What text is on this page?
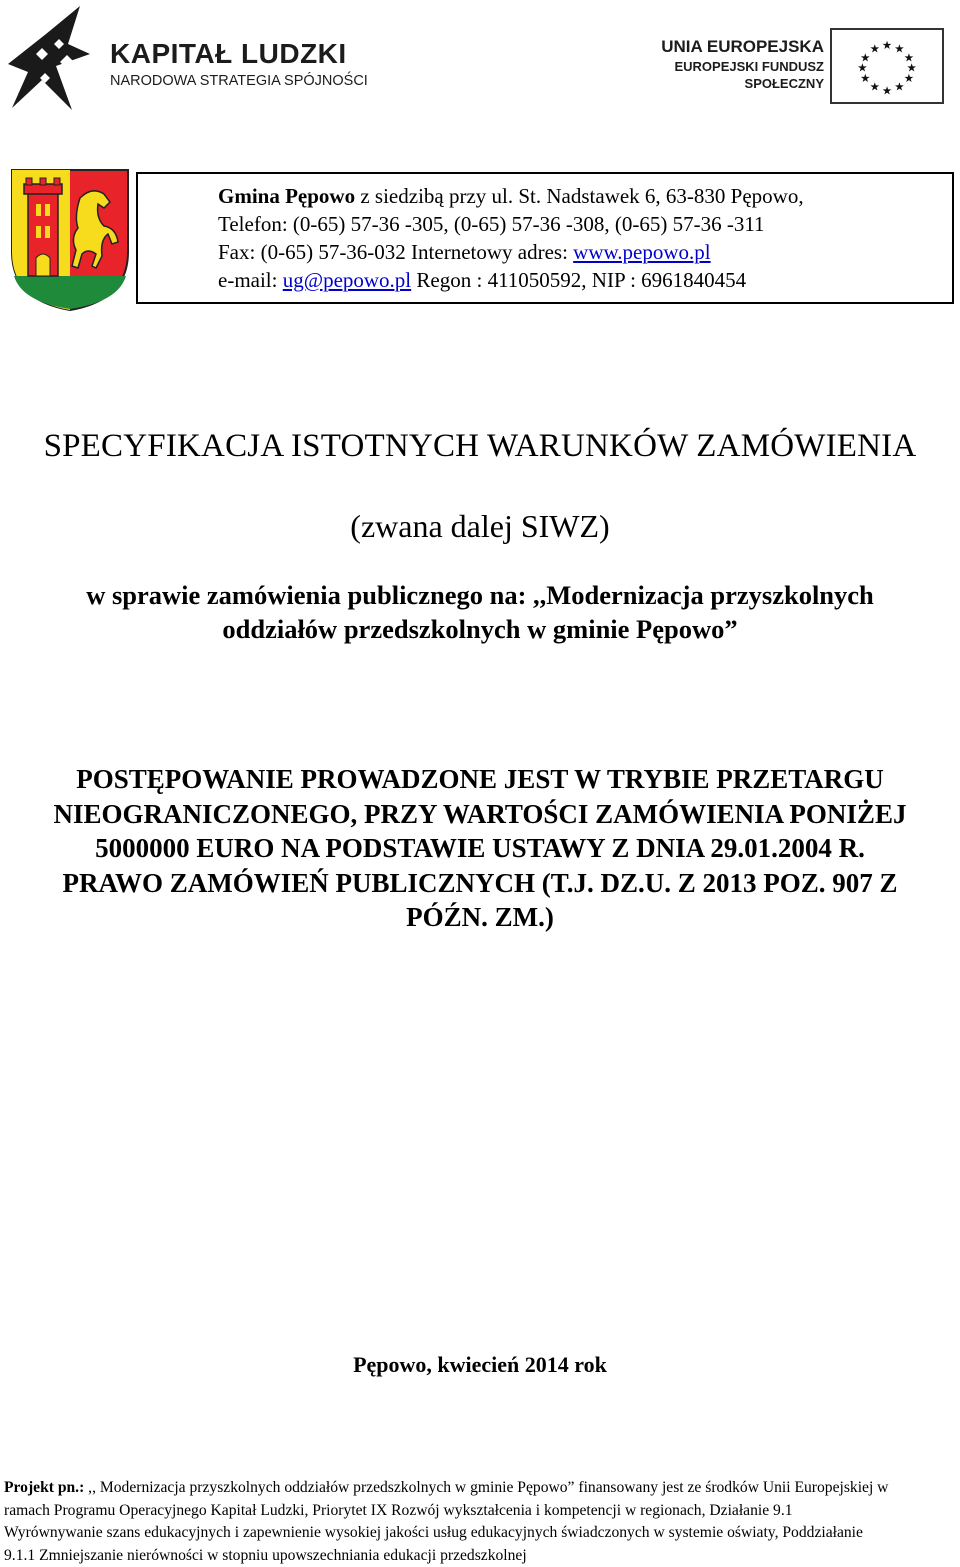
KAPITAŁ LUDZKI
NARODOWA STRATEGIA SPÓJNOŚCI
UNIA EUROPEJSKA
EUROPEJSKI FUNDUSZ
SPOŁECZNY
★ ★
★
★
★
★
★
★
★
★
★
★
Gmina Pępowo z siedzibą przy ul. St. Nadstawek 6, 63-830 Pępowo,
Telefon: (0-65) 57-36 -305, (0-65) 57-36 -308, (0-65) 57-36 -311
Fax: (0-65) 57-36-032 Internetowy adres: www.pepowo.pl
e-mail: ug@pepowo.pl Regon : 411050592, NIP : 6961840454
SPECYFIKACJA ISTOTNYCH WARUNKÓW ZAMÓWIENIA
(zwana dalej SIWZ)
w sprawie zamówienia publicznego na: ,,Modernizacja przyszkolnych
oddziałów przedszkolnych w gminie Pępowo”
POSTĘPOWANIE PROWADZONE JEST W TRYBIE PRZETARGU
NIEOGRANICZONEGO, PRZY WARTOŚCI ZAMÓWIENIA PONIŻEJ
5000000 EURO NA PODSTAWIE USTAWY Z DNIA 29.01.2004 R.
PRAWO ZAMÓWIEŃ PUBLICZNYCH (T.J. DZ.U. Z 2013 POZ. 907 Z
PÓŹN. ZM.)
Pępowo, kwiecień 2014 rok
Projekt pn.: ,, Modernizacja przyszkolnych oddziałów przedszkolnych w gminie Pępowo” finansowany jest ze środków Unii Europejskiej w
ramach Programu Operacyjnego Kapitał Ludzki, Priorytet IX Rozwój wykształcenia i kompetencji w regionach, Działanie 9.1
Wyrównywanie szans edukacyjnych i zapewnienie wysokiej jakości usług edukacyjnych świadczonych w systemie oświaty, Poddziałanie
9.1.1 Zmniejszanie nierówności w stopniu upowszechniania edukacji przedszkolnej
